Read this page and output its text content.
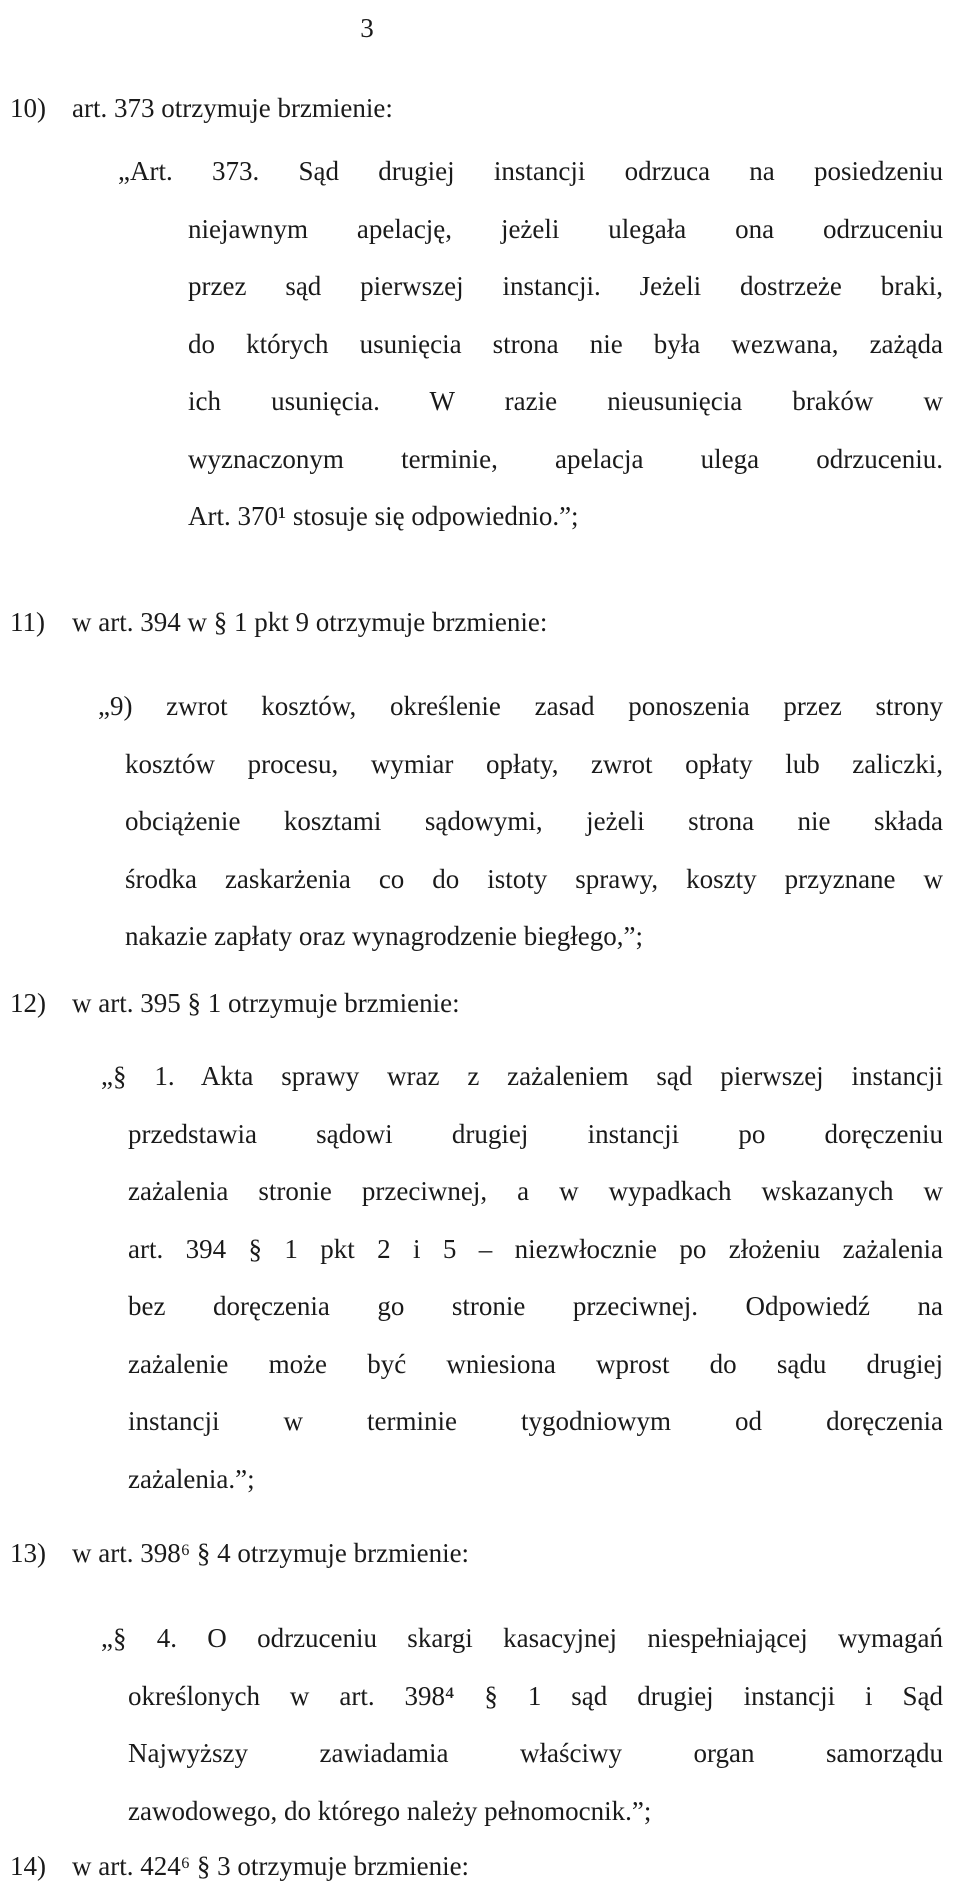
3
10) art. 373 otrzymuje brzmienie:
„Art. 373. Sąd drugiej instancji odrzuca na posiedzeniu
niejawnym apelację, jeżeli ulegała ona odrzuceniu
przez sąd pierwszej instancji. Jeżeli dostrzeże braki,
do których usunięcia strona nie była wezwana, zażąda
ich usunięcia. W razie nieusunięcia braków w
wyznaczonym terminie, apelacja ulega odrzuceniu.
Art. 370¹ stosuje się odpowiednio.”;
11) w art. 394 w § 1 pkt 9 otrzymuje brzmienie:
„9) zwrot kosztów, określenie zasad ponoszenia przez strony
kosztów procesu, wymiar opłaty, zwrot opłaty lub zaliczki,
obciążenie kosztami sądowymi, jeżeli strona nie składa
środka zaskarżenia co do istoty sprawy, koszty przyznane w
nakazie zapłaty oraz wynagrodzenie biegłego,”;
12) w art. 395 § 1 otrzymuje brzmienie:
„§ 1. Akta sprawy wraz z zażaleniem sąd pierwszej instancji
przedstawia sądowi drugiej instancji po doręczeniu
zażalenia stronie przeciwnej, a w wypadkach wskazanych w
art. 394 § 1 pkt 2 i 5 – niezwłocznie po złożeniu zażalenia
bez doręczenia go stronie przeciwnej. Odpowiedź na
zażalenie może być wniesiona wprost do sądu drugiej
instancji w terminie tygodniowym od doręczenia
zażalenia.”;
13) w art. 398⁶ § 4 otrzymuje brzmienie:
„§ 4. O odrzuceniu skargi kasacyjnej niespełniającej wymagań
określonych w art. 398⁴ § 1 sąd drugiej instancji i Sąd
Najwyższy zawiadamia właściwy organ samorządu
zawodowego, do którego należy pełnomocnik.”;
14) w art. 424⁶ § 3 otrzymuje brzmienie:
